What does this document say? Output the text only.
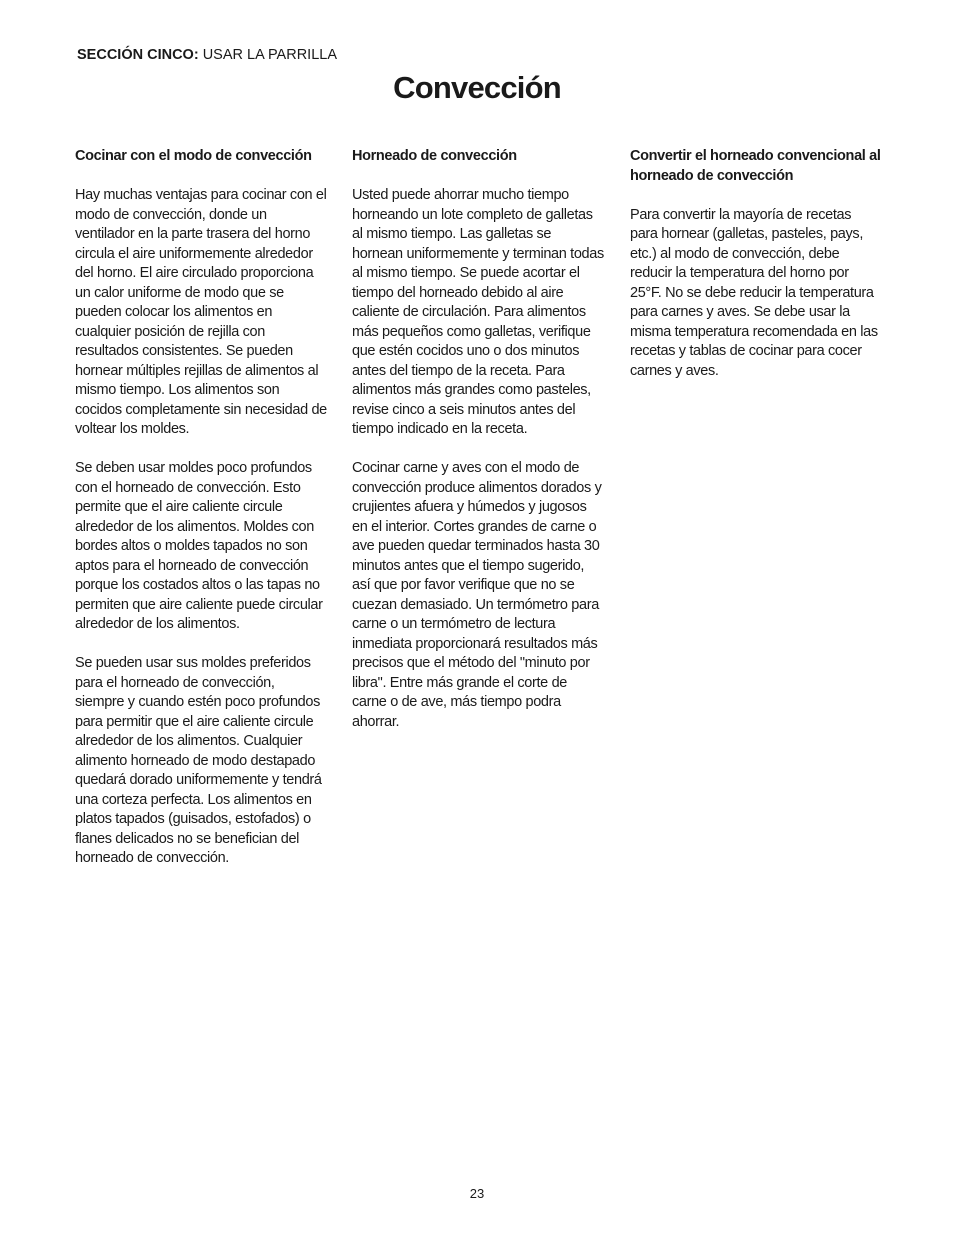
SECCIÓN CINCO: USAR LA PARRILLA
Convección

Cocinar con el modo de convección

Hay muchas ventajas para cocinar con el modo de convección, donde un ventilador en la parte trasera del horno circula el aire uniformemente alrededor del horno. El aire circulado proporciona un calor uniforme de modo que se pueden colocar los alimentos en cualquier posición de rejilla con resultados consistentes. Se pueden hornear múltiples rejillas de alimentos al mismo tiempo. Los alimentos son cocidos completamente sin necesidad de voltear los moldes.

Se deben usar moldes poco profundos con el horneado de convección. Esto permite que el aire caliente circule alrededor de los alimentos. Moldes con bordes altos o moldes tapados no son aptos para el horneado de convección porque los costados altos o las tapas no permiten que aire caliente puede circular alrededor de los alimentos.

Se pueden usar sus moldes preferidos para el horneado de convección, siempre y cuando estén poco profundos para permitir que el aire caliente circule alrededor de los alimentos. Cualquier alimento horneado de modo destapado quedará dorado uniformemente y tendrá una corteza perfecta. Los alimentos en platos tapados (guisados, estofados) o flanes delicados no se benefician del horneado de convección.

Horneado de convección

Usted puede ahorrar mucho tiempo horneando un lote completo de galletas al mismo tiempo. Las galletas se hornean uniformemente y terminan todas al mismo tiempo. Se puede acortar el tiempo del horneado debido al aire caliente de circulación. Para alimentos más pequeños como galletas, verifique que estén cocidos uno o dos minutos antes del tiempo de la receta. Para alimentos más grandes como pasteles, revise cinco a seis minutos antes del tiempo indicado en la receta.

Cocinar carne y aves con el modo de convección produce alimentos dorados y crujientes afuera y húmedos y jugosos en el interior. Cortes grandes de carne o ave pueden quedar terminados hasta 30 minutos antes que el tiempo sugerido, así que por favor verifique que no se cuezan demasiado. Un termómetro para carne o un termómetro de lectura inmediata proporcionará resultados más precisos que el método del "minuto por libra". Entre más grande el corte de carne o de ave, más tiempo podra ahorrar.

Convertir el horneado convencional al horneado de convección

Para convertir la mayoría de recetas para hornear (galletas, pasteles, pays, etc.) al modo de convección, debe reducir la temperatura del horno por 25°F. No se debe reducir la temperatura para carnes y aves. Se debe usar la misma temperatura recomendada en las recetas y tablas de cocinar para cocer carnes y aves.

23
